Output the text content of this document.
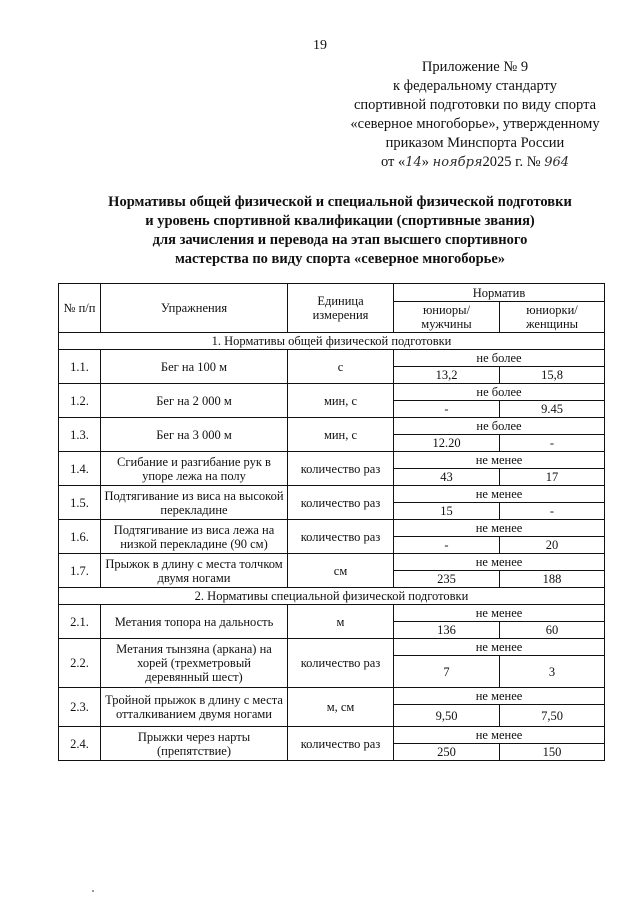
19
Приложение № 9
к федеральному стандарту
спортивной подготовки по виду спорта
«северное многоборье», утвержденному
приказом Минспорта России
от «14» ноября2025 г. № 964
Нормативы общей физической и специальной физической подготовки
и уровень спортивной квалификации (спортивные звания)
для зачисления и перевода на этап высшего спортивного
мастерства по виду спорта «северное многоборье»
№ п/п	Упражнения	Единица измерения	Норматив	
			юниоры/ мужчины	юниорки/ женщины
1. Нормативы общей физической подготовки				
1.1.	Бег на 100 м	с	не более	
			13,2	15,8
1.2.	Бег на 2 000 м	мин, с	не более	
			-	9.45
1.3.	Бег на 3 000 м	мин, с	не более	
			12.20	-
1.4.	Сгибание и разгибание рук в упоре лежа на полу	количество раз	не менее	
			43	17
1.5.	Подтягивание из виса на высокой перекладине	количество раз	не менее	
			15	-
1.6.	Подтягивание из виса лежа на низкой перекладине (90 см)	количество раз	не менее	
			-	20
1.7.	Прыжок в длину с места толчком двумя ногами	см	не менее	
			235	188
2. Нормативы специальной физической подготовки				
2.1.	Метания топора на дальность	м	не менее	
			136	60
2.2.	Метания тынзяна (аркана) на хорей (трехметровый деревянный шест)	количество раз	не менее	
			7	3
2.3.	Тройной прыжок в длину с места отталкиванием двумя ногами	м, см	не менее	
			9,50	7,50
2.4.	Прыжки через нарты (препятствие)	количество раз	не менее	
			250	150
